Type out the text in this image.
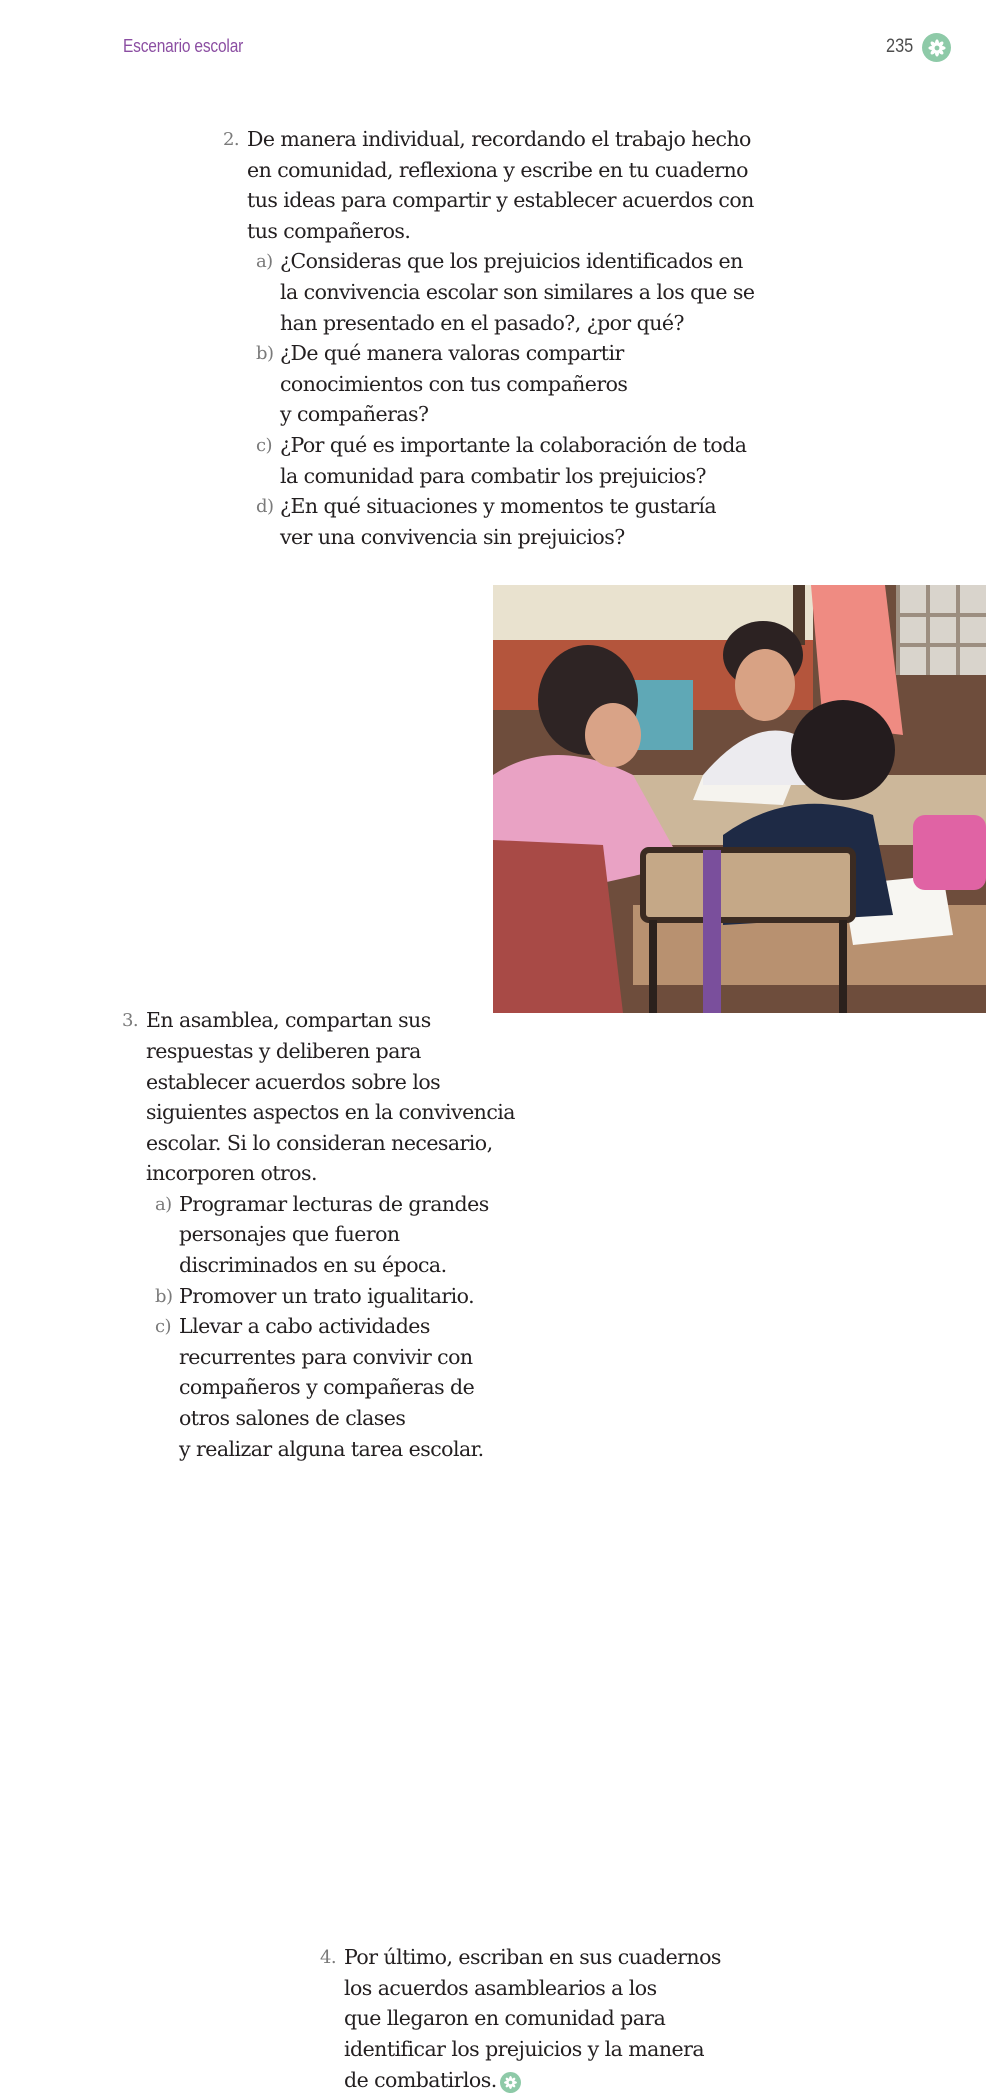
Escenario escolar	235
2. De manera individual, recordando el trabajo hecho
en comunidad, reflexiona y escribe en tu cuaderno
tus ideas para compartir y establecer acuerdos con
tus compañeros.
a) ¿Consideras que los prejuicios identificados en
la convivencia escolar son similares a los que se
han presentado en el pasado?, ¿por qué?
b) ¿De qué manera valoras compartir
conocimientos con tus compañeros
y compañeras?
c) ¿Por qué es importante la colaboración de toda
la comunidad para combatir los prejuicios?
d) ¿En qué situaciones y momentos te gustaría
ver una convivencia sin prejuicios?
3. En asamblea, compartan sus
respuestas y deliberen para
establecer acuerdos sobre los
siguientes aspectos en la convivencia
escolar. Si lo consideran necesario,
incorporen otros.
a) Programar lecturas de grandes
personajes que fueron
discriminados en su época.
b) Promover un trato igualitario.
c) Llevar a cabo actividades
recurrentes para convivir con
compañeros y compañeras de
otros salones de clases
y realizar alguna tarea escolar.
4. Por último, escriban en sus cuadernos
los acuerdos asamblearios a los
que llegaron en comunidad para
identificar los prejuicios y la manera
de combatirlos.
